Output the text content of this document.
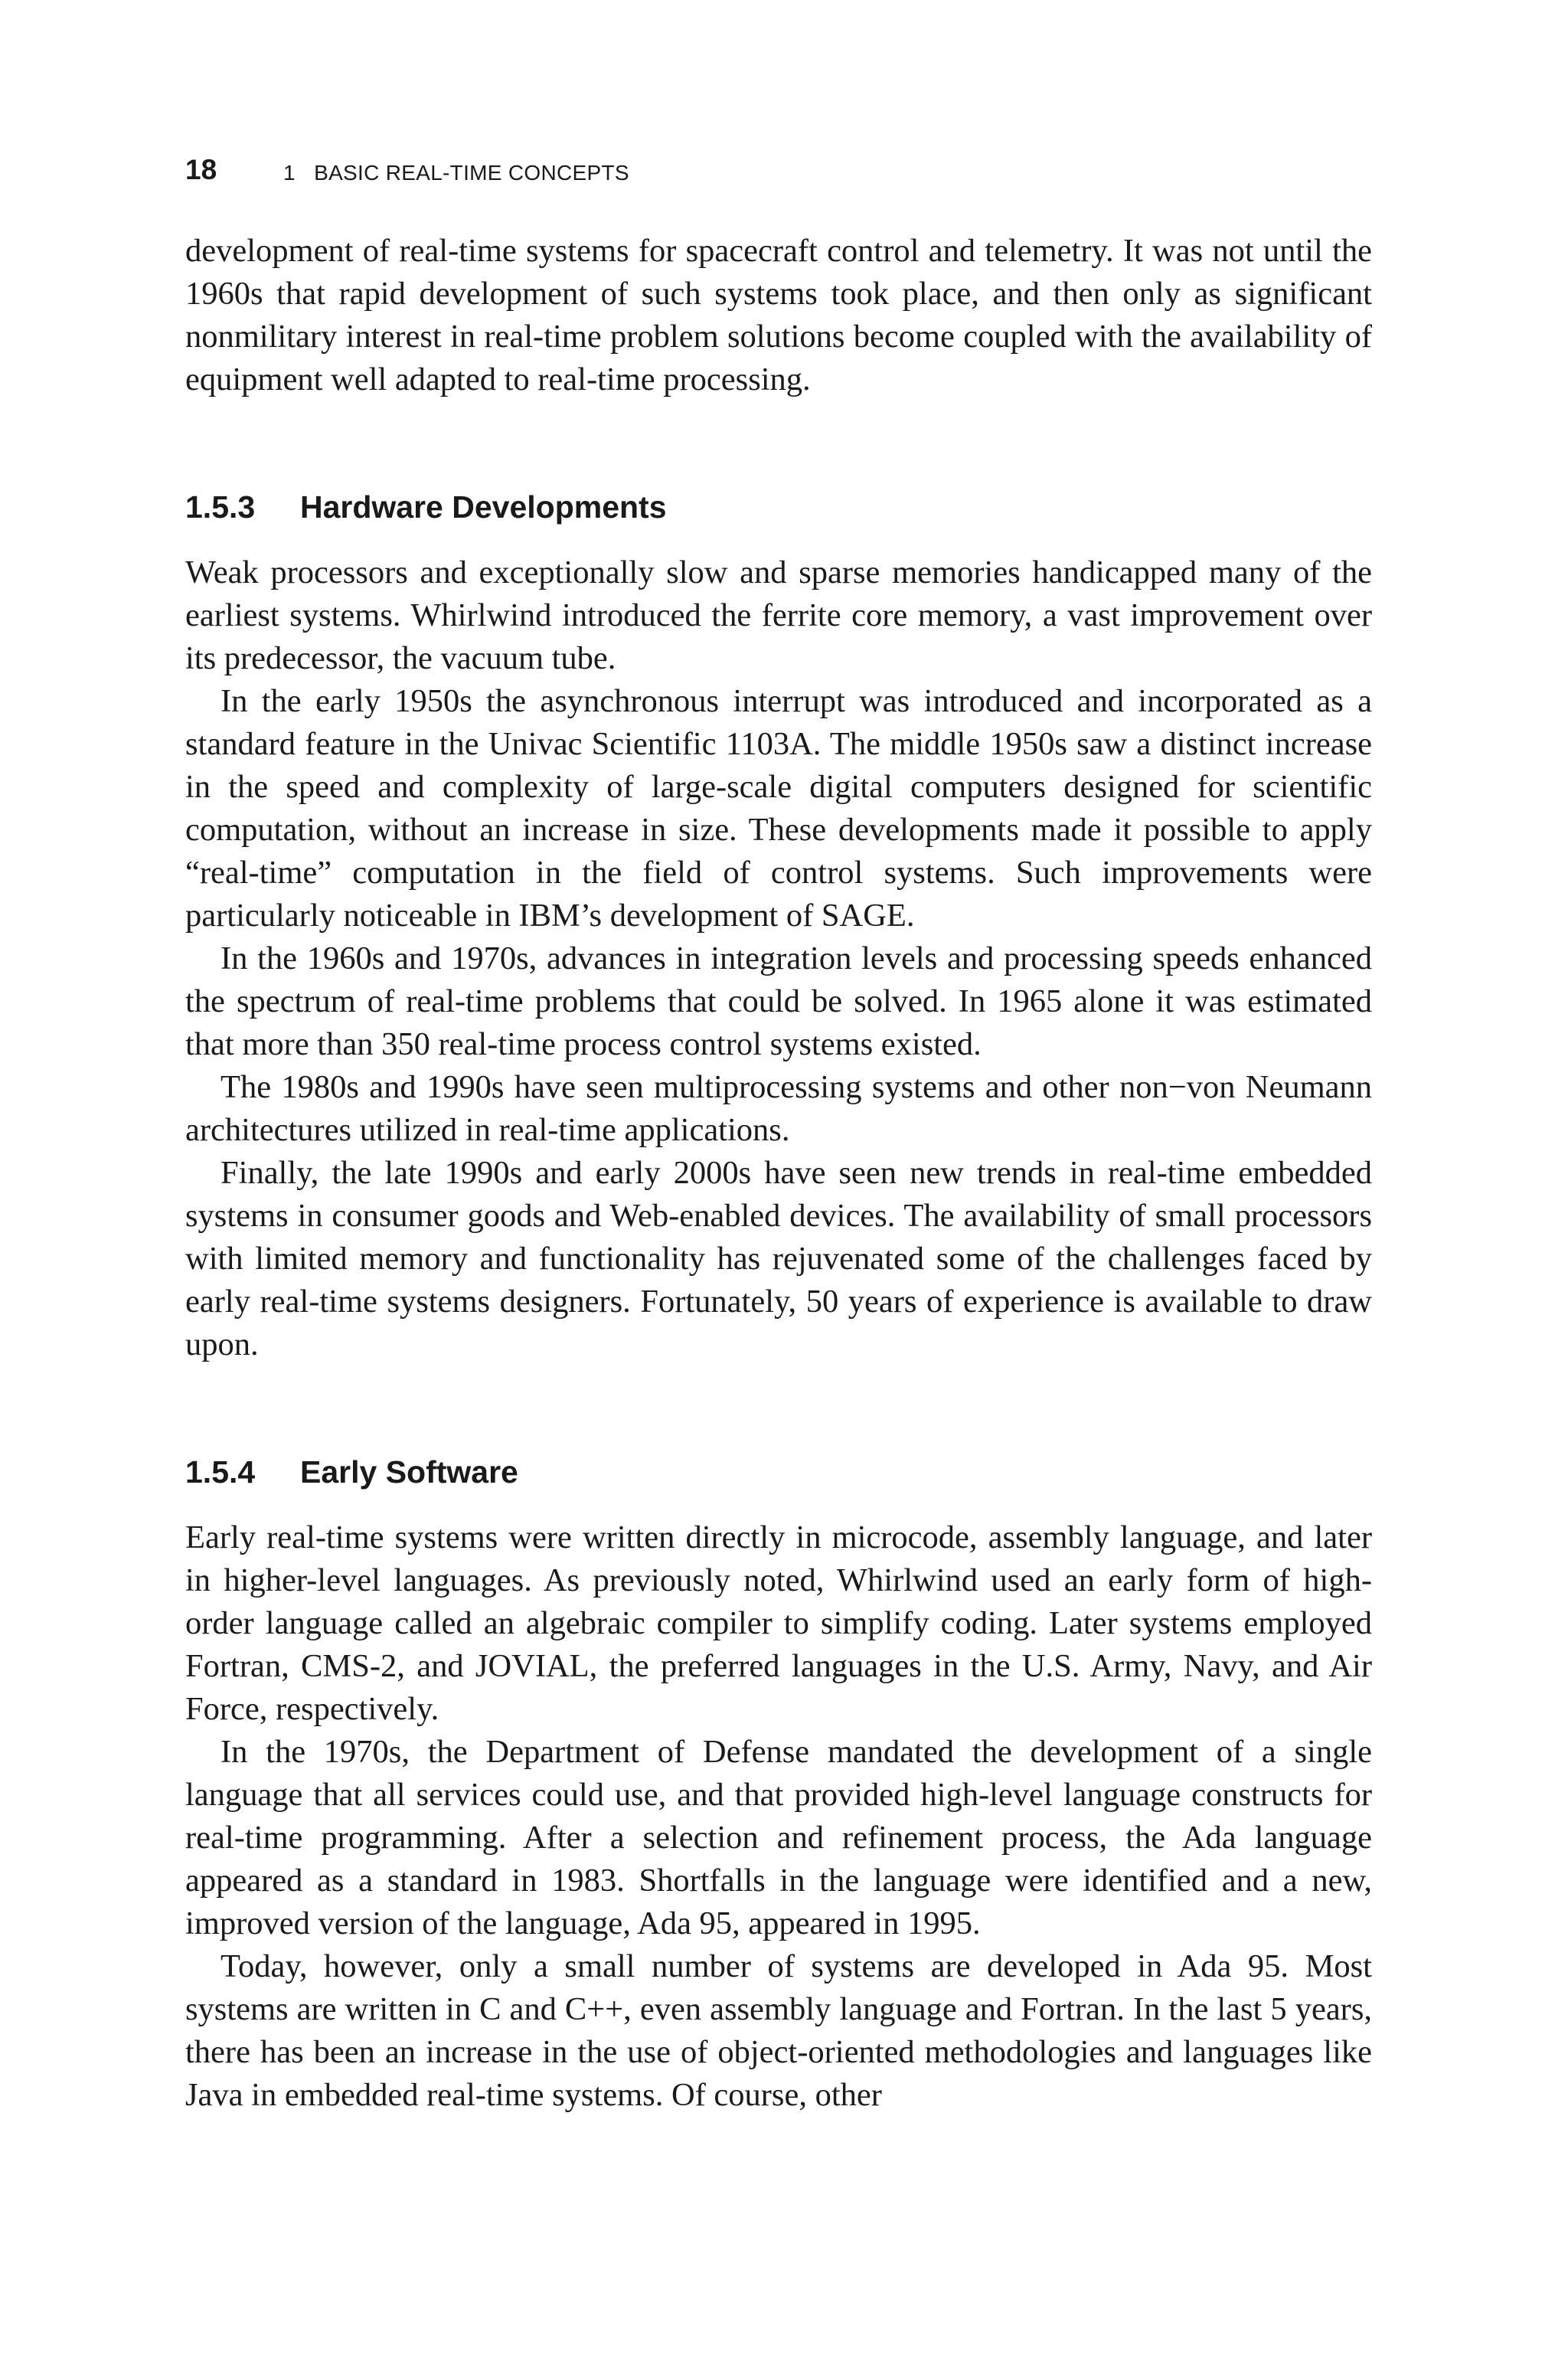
18	1   BASIC REAL-TIME CONCEPTS

development of real-time systems for spacecraft control and telemetry. It was not until the 1960s that rapid development of such systems took place, and then only as significant nonmilitary interest in real-time problem solutions become coupled with the availability of equipment well adapted to real-time processing.

1.5.3 Hardware Developments

Weak processors and exceptionally slow and sparse memories handicapped many of the earliest systems. Whirlwind introduced the ferrite core memory, a vast improvement over its predecessor, the vacuum tube.

In the early 1950s the asynchronous interrupt was introduced and incorporated as a standard feature in the Univac Scientific 1103A. The middle 1950s saw a distinct increase in the speed and complexity of large-scale digital computers designed for scientific computation, without an increase in size. These developments made it possible to apply “real-time” computation in the field of control systems. Such improvements were particularly noticeable in IBM’s development of SAGE.

In the 1960s and 1970s, advances in integration levels and processing speeds enhanced the spectrum of real-time problems that could be solved. In 1965 alone it was estimated that more than 350 real-time process control systems existed.

The 1980s and 1990s have seen multiprocessing systems and other non−von Neumann architectures utilized in real-time applications.

Finally, the late 1990s and early 2000s have seen new trends in real-time embedded systems in consumer goods and Web-enabled devices. The availability of small processors with limited memory and functionality has rejuvenated some of the challenges faced by early real-time systems designers. Fortunately, 50 years of experience is available to draw upon.

1.5.4 Early Software

Early real-time systems were written directly in microcode, assembly language, and later in higher-level languages. As previously noted, Whirlwind used an early form of high-order language called an algebraic compiler to simplify coding. Later systems employed Fortran, CMS-2, and JOVIAL, the preferred languages in the U.S. Army, Navy, and Air Force, respectively.

In the 1970s, the Department of Defense mandated the development of a single language that all services could use, and that provided high-level language constructs for real-time programming. After a selection and refinement process, the Ada language appeared as a standard in 1983. Shortfalls in the language were identified and a new, improved version of the language, Ada 95, appeared in 1995.

Today, however, only a small number of systems are developed in Ada 95. Most systems are written in C and C++, even assembly language and Fortran. In the last 5 years, there has been an increase in the use of object-oriented methodologies and languages like Java in embedded real-time systems. Of course, other
